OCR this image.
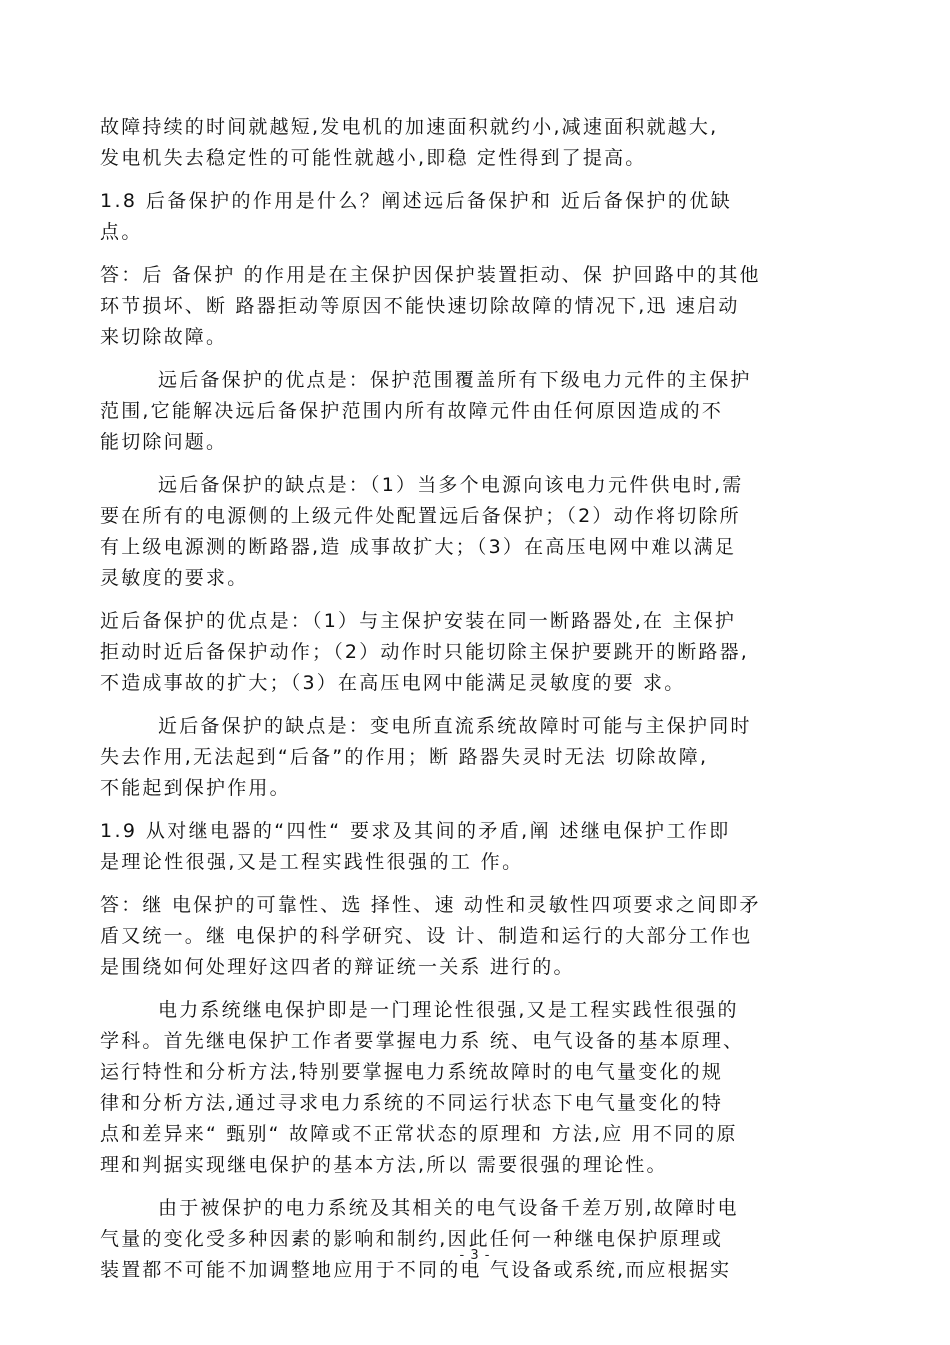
故障持续的时间就越短,发电机的加速面积就约小,减速面积就越大,
发电机失去稳定性的可能性就越小,即稳 定性得到了提高。

1.8 后备保护的作用是什么？阐述远后备保护和 近后备保护的优缺
点。

答：后 备保护 的作用是在主保护因保护装置拒动、保 护回路中的其他
环节损坏、断 路器拒动等原因不能快速切除故障的情况下,迅 速启动
来切除故障。

远后备保护的优点是：保护范围覆盖所有下级电力元件的主保护
范围,它能解决远后备保护范围内所有故障元件由任何原因造成的不
能切除问题。

远后备保护的缺点是：（1）当多个电源向该电力元件供电时,需
要在所有的电源侧的上级元件处配置远后备保护；（2）动作将切除所
有上级电源测的断路器,造 成事故扩大；（3）在高压电网中难以满足
灵敏度的要求。

近后备保护的优点是：（1）与主保护安装在同一断路器处,在 主保护
拒动时近后备保护动作；（2）动作时只能切除主保护要跳开的断路器,
不造成事故的扩大；（3）在高压电网中能满足灵敏度的要 求。

近后备保护的缺点是：变电所直流系统故障时可能与主保护同时
失去作用,无法起到“后备”的作用；断 路器失灵时无法 切除故障,
不能起到保护作用。

1.9 从对继电器的“四性“ 要求及其间的矛盾,阐 述继电保护工作即
是理论性很强,又是工程实践性很强的工 作。

答：继 电保护的可靠性、选 择性、速 动性和灵敏性四项要求之间即矛
盾又统一。继 电保护的科学研究、设 计、制造和运行的大部分工作也
是围绕如何处理好这四者的辩证统一关系 进行的。

电力系统继电保护即是一门理论性很强,又是工程实践性很强的
学科。首先继电保护工作者要掌握电力系 统、电气设备的基本原理、
运行特性和分析方法,特别要掌握电力系统故障时的电气量变化的规
律和分析方法,通过寻求电力系统的不同运行状态下电气量变化的特
点和差异来“ 甄别“ 故障或不正常状态的原理和 方法,应 用不同的原
理和判据实现继电保护的基本方法,所以 需要很强的理论性。

由于被保护的电力系统及其相关的电气设备千差万别,故障时电
气量的变化受多种因素的影响和制约,因此任何一种继电保护原理或
装置都不可能不加调整地应用于不同的电 气设备或系统,而应根据实

- 3 -
